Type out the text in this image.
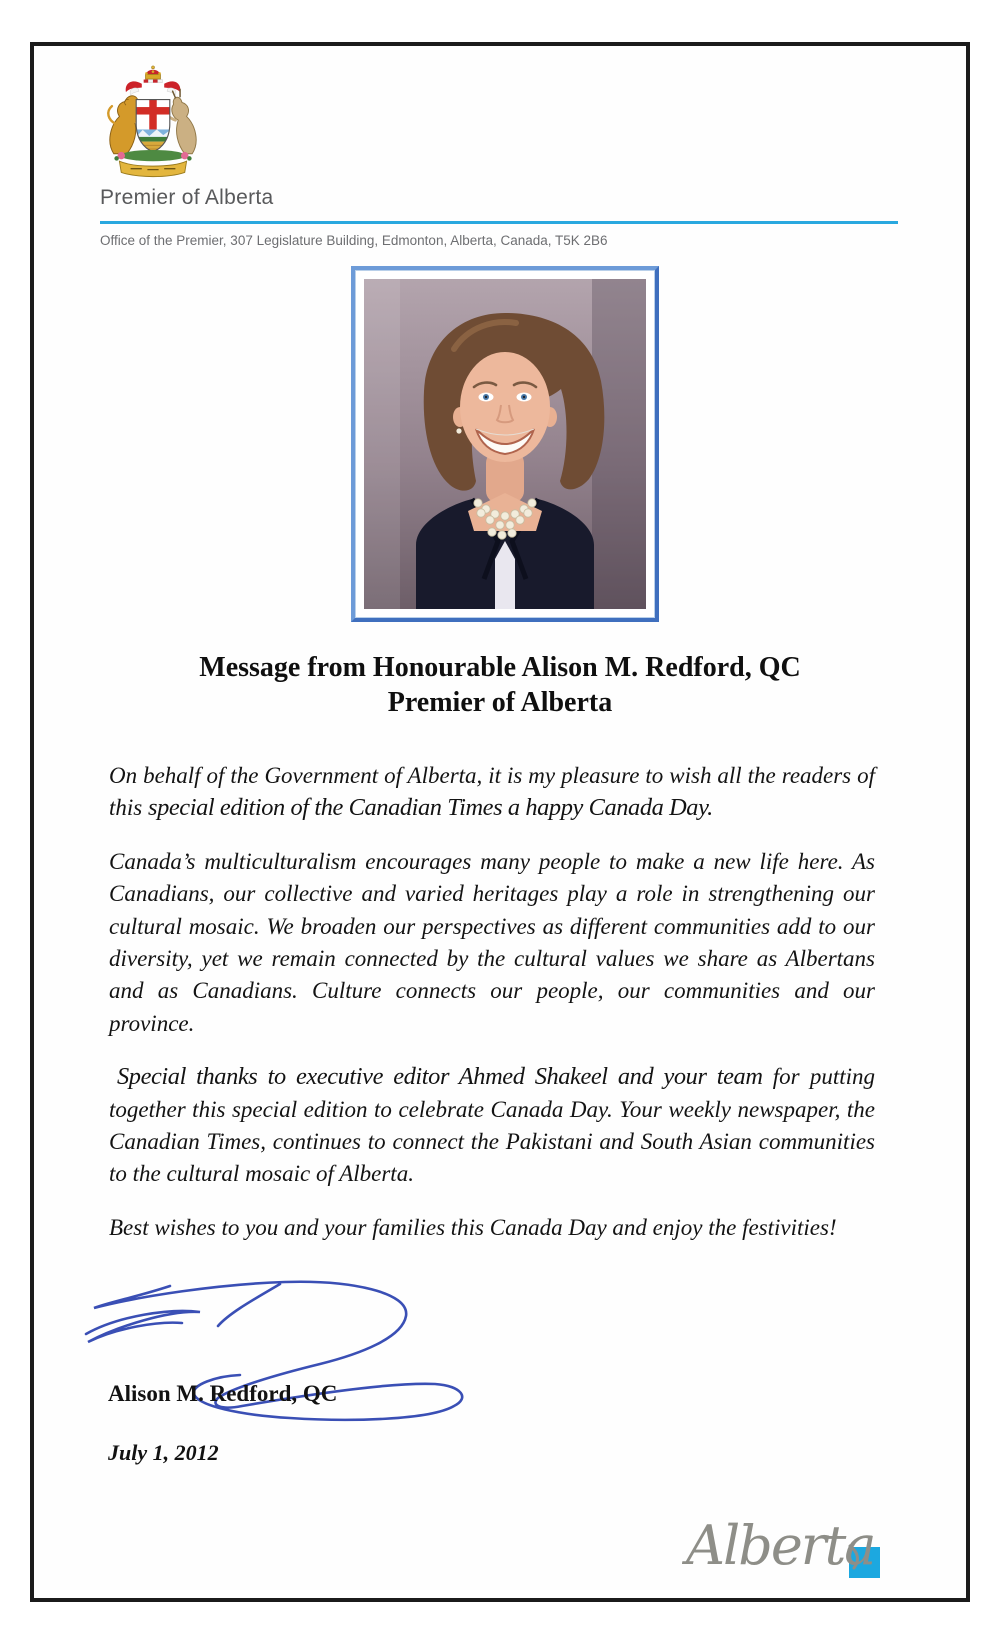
Premier of Alberta
Office of the Premier, 307 Legislature Building, Edmonton, Alberta, Canada, T5K 2B6
Message from Honourable Alison M. Redford, QC
Premier of Alberta

On behalf of the Government of Alberta, it is my pleasure to wish all the readers of this special edition of the Canadian Times a happy Canada Day.

Canada’s multiculturalism encourages many people to make a new life here. As Canadians, our collective and varied heritages play a role in strengthening our cultural mosaic. We broaden our perspectives as different communities add to our diversity, yet we remain connected by the cultural values we share as Albertans and as Canadians. Culture connects our people, our communities and our province.

Special thanks to executive editor Ahmed Shakeel and your team for putting together this special edition to celebrate Canada Day. Your weekly newspaper, the Canadian Times, continues to connect the Pakistani and South Asian communities to the cultural mosaic of Alberta.

Best wishes to you and your families this Canada Day and enjoy the festivities!

Alison M. Redford, QC
July 1, 2012
Alberta
